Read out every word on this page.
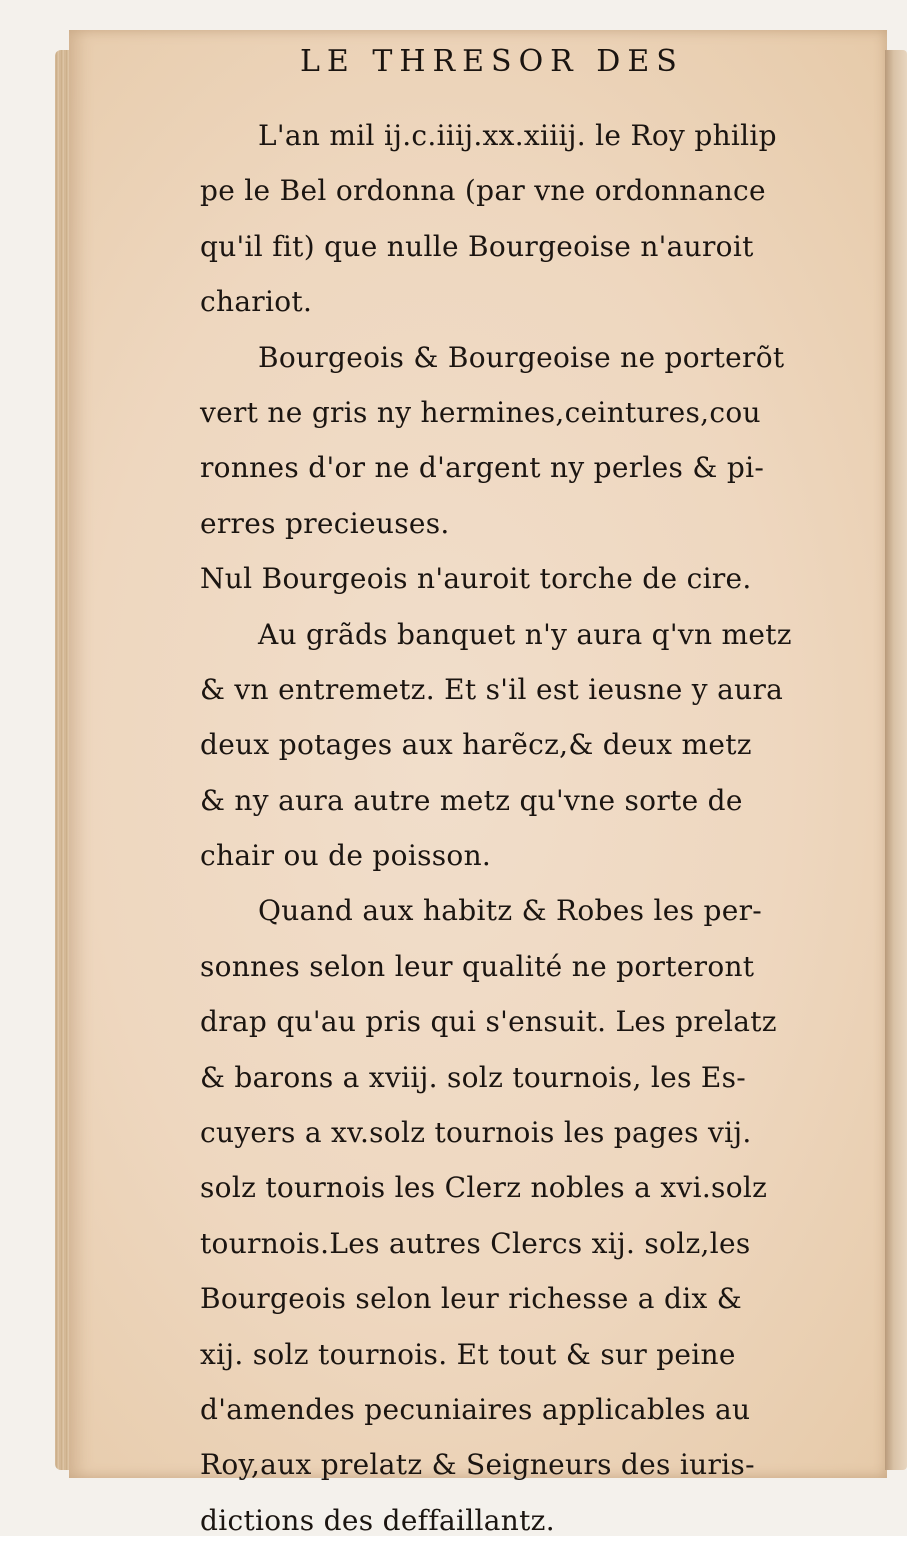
LE THRESOR DES
L'an mil ij.c.iiij.xx.xiiij. le Roy philip
pe le Bel ordonna (par vne ordonnance
qu'il fit) que nulle Bourgeoise n'auroit
chariot.
Bourgeois & Bourgeoise ne porterõt
vert ne gris ny hermines,ceintures,cou
ronnes d'or ne d'argent ny perles & pi-
erres precieuses.
Nul Bourgeois n'auroit torche de cire.
Au grãds banquet n'y aura q'vn metz
& vn entremetz. Et s'il est ieusne y aura
deux potages aux harẽcz,& deux metz
& ny aura autre metz qu'vne sorte de
chair ou de poisson.
Quand aux habitz & Robes les per-
sonnes selon leur qualité ne porteront
drap qu'au pris qui s'ensuit. Les prelatz
& barons a xviij. solz tournois, les Es-
cuyers a xv.solz tournois les pages vij.
solz tournois les Clerz nobles a xvi.solz
tournois.Les autres Clercs xij. solz,les
Bourgeois selon leur richesse a dix &
xij. solz tournois. Et tout & sur peine
d'amendes pecuniaires applicables au
Roy,aux prelatz & Seigneurs des iuris-
dictions des deffaillantz.
